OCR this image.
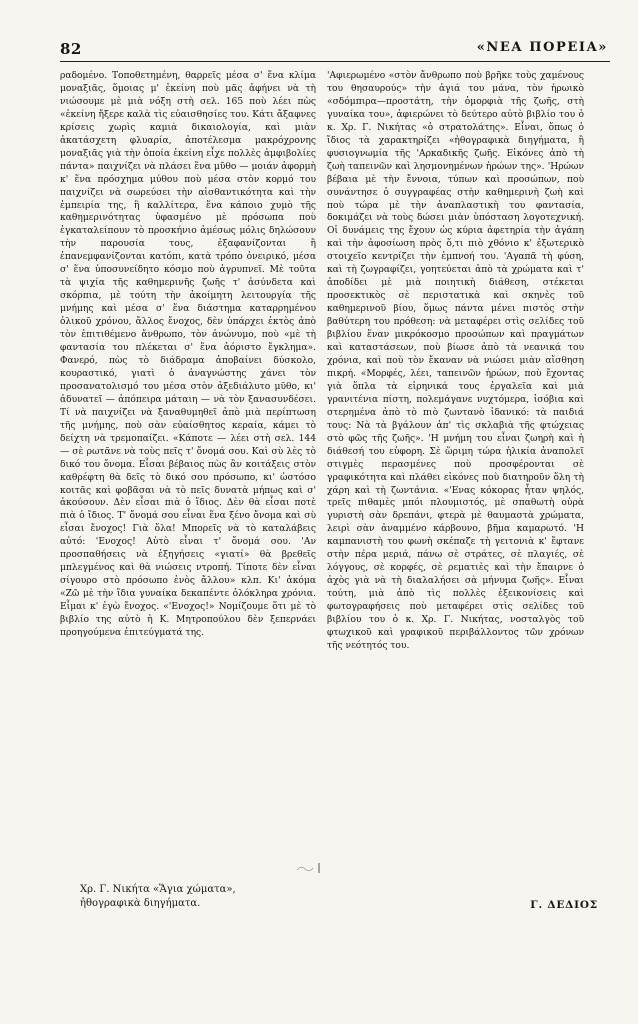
82	«ΝΕΑ ΠΟΡΕΙΑ»

ραδομένο. Τοποθετημένη, θαρρεῖς μέσα σ' ἕνα κλίμα μοναξιᾶς, ὅμοιας μ' ἐκείνη ποὺ μᾶς ἀφήνει νὰ τὴ νιώσουμε μὲ μιὰ νόξη στὴ σελ. 165 ποὺ λέει πὼς «ἐκείνη ἤξερε καλὰ τὶς εὐαισθησίες του. Κάτι ἄξαφνες κρίσεις χωρὶς καμιὰ δικαιολογία, καὶ μιὰν ἀκατάσχετη φλυαρία, ἀποτέλεσμα μακρόχρονης μοναξιᾶς γιὰ τὴν ὁποία ἐκείνη εἶχε πολλὲς ἀμφιβολίες πάντα» παιχνίζει νὰ πλάσει ἕνα μῦθο — μοιάν ἀφορμὴ κ' ἕνα πρόσχημα μύθου ποὺ μέσα στὸν κορμό του παιχνίζει νὰ σωρεύσει τὴν αἰσθαντικότητα καὶ τὴν ἐμπειρία της, ἢ καλλίτερα, ἕνα κάποιο χυμὸ τῆς καθημερινότητας ὑφασμένο μὲ πρόσωπα ποὺ ἐγκαταλείπουν τὸ προσκήνιο ἀμέσως μόλις δηλώσουν τὴν παρουσία τους, ἐξαφανίζονται ἢ ἐπανεμφανίζονται κατόπι, κατὰ τρόπο ὀνειρικό, μέσα σ' ἕνα ὑποσυνείδητο κόσμο ποὺ ἀγρυπνεῖ. Μὲ τοῦτα τὰ ψιχία τῆς καθημερινῆς ζωῆς τ' ἀσύνδετα καὶ σκόρπια, μὲ τούτη τὴν ἀκοίμητη λειτουργία τῆς μνήμης καὶ μέσα σ' ἕνα διάστημα καταρρημένου ὀλικοῦ χρόνου, ἄλλος ἔνοχος, δὲν ὑπάρχει ἐκτὸς ἀπὸ τὸν ἐπιτιθέμενο ἄνθρωπο, τὸν ἀνώνυμο, ποὺ «μὲ τὴ φαντασία του πλέκεται σ' ἕνα ἀόριστο ἔγκλημα». Φανερό, πὼς τὸ διάδραμα ἀποβαίνει δύσκολο, κουραστικό, γιατὶ ὁ ἀναγνώστης χάνει τὸν προσανατολισμό του μέσα στὸν ἀξεδιάλυτο μῦθο, κι' ἀδυνατεῖ — ἀπόπειρα μάταιη — νὰ τὸν ξανασυνδέσει. Τί νὰ παιχνίζει νὰ ξαναθυμηθεῖ ἀπὸ μιὰ περίπτωση τῆς μνήμης, ποὺ σὰν εὐαίσθητος κεραία, κάμει τὸ δείχτη νὰ τρεμοπαίζει. «Κάποτε — λέει στὴ σελ. 144 — σὲ ρωτᾶνε νὰ τοὺς πεῖς τ' ὄνομά σου. Καὶ σὺ λὲς τὸ δικό του ὄνομα. Εἶσαι βέβαιος πὼς ἂν κοιτάξεις στὸν καθρέφτη θὰ δεῖς τὸ δικό σου πρόσωπο, κι' ὡστόσο κοιτᾶς καὶ φοβᾶσαι νὰ τὸ πεῖς δυνατὰ μήπως καὶ σ' ἀκούσουν. Δὲν εἶσαι πιὰ ὁ ἴδιος. Δὲν θὰ εἶσαι ποτὲ πιὰ ὁ ἴδιος. Τ' ὄνομά σου εἶναι ἕνα ξένο ὄνομα καὶ σὺ εἶσαι ἔνοχος! Γιὰ ὅλα! Μπορεῖς νὰ τὸ καταλάβεις αὐτό: 'Ενοχος! Αὐτὸ εἶναι τ' ὄνομά σου. 'Αν προσπαθήσεις νὰ ἐξηγήσεις «γιατί» θὰ βρεθεῖς μπλεγμένος καὶ θὰ νιώσεις ντροπή. Τίποτε δὲν εἶναι σίγουρο στὸ πρόσωπο ἑνὸς ἄλλου» κλπ. Κι' ἀκόμα «Ζῶ μὲ τὴν ἴδια γυναίκα δεκαπέντε ὁλόκληρα χρόνια. Εἶμαι κ' ἐγὼ ἔνοχος. «'Ενοχος!» Νομίζουμε ὅτι μὲ τὸ βιβλίο της αὐτὸ ἡ Κ. Μητροπούλου δὲν ξεπερνάει προηγούμενα ἐπιτεύγματά της.

'Αφιερωμένο «στὸν ἄνθρωπο ποὺ βρῆκε τοὺς χαμένους του θησαυρούς» τὴν ἁγιά του μάνα, τὸν ἡρωικὸ «σδόμπιρα—προστάτη, τὴν ὀμορφιὰ τῆς ζωῆς, στὴ γυναίκα του», ἀφιερώνει τὸ δεύτερο αὐτὸ βιβλίο του ὁ κ. Χρ. Γ. Νικήτας «ὁ στρατολάτης». Εἶναι, ὅπως ὁ ἴδιος τὰ χαρακτηρίζει «ἠθογραφικὰ διηγήματα, ἢ φυσιογνωμία τῆς 'Αρκαδικῆς ζωῆς. Εἰκόνες ἀπὸ τὴ ζωὴ ταπεινῶν καὶ λησμονημένων ἡρώων της». 'Ηρώων βέβαια μὲ τὴν ἔννοια, τύπων καὶ προσώπων, ποὺ συνάντησε ὁ συγγραφέας στὴν καθημερινὴ ζωὴ καὶ ποὺ τώρα μὲ τὴν ἀναπλαστικὴ του φαντασία, δοκιμάζει νὰ τοὺς δώσει μιὰν ὑπόσταση λογοτεχνική. Οἱ δυνάμεις της ἔχουν ὡς κύρια ἀφετηρία τὴν ἀγάπη καὶ τὴν ἀφοσίωση πρὸς ὅ,τι πιὸ χθόνιο κ' ἐξωτερικὸ στοιχεῖο κεντρίζει τὴν ἐμπνοή του. 'Αγαπᾶ τὴ φύση, καὶ τὴ ζωγραφίζει, γοητεύεται ἀπὸ τὰ χρώματα καὶ τ' ἀποδίδει μὲ μιὰ ποιητικὴ διάθεση, στέκεται προσεκτικὸς σὲ περιστατικὰ καὶ σκηνὲς τοῦ καθημερινοῦ βίου, ὅμως πάντα μένει πιστὸς στὴν βαθύτερη του πρόθεση: νὰ μεταφέρει στὶς σελίδες τοῦ βιβλίου ἕναν μικρόκοσμο προσώπων καὶ πραγμάτων καὶ καταστάσεων, ποὺ βίωσε ἀπὸ τὰ νεανικά του χρόνια, καὶ ποὺ τὸν ἔκαναν νὰ νιώσει μιὰν αἴσθηση πικρή. «Μορφές, λέει, ταπεινῶν ἡρώων, ποὺ ἔχοντας γιὰ ὅπλα τὰ εἰρηνικά τους ἐργαλεῖα καὶ μιὰ γρανιτένια πίστη, πολεμάγανε νυχτόμερα, ἰσόβια καὶ στερημένα ἀπὸ τὸ πιὸ ζωντανὸ ἰδανικό: τὰ παιδιά τους: Νὰ τὰ βγάλουν ἀπ' τὶς σκλαβιὰ τῆς φτώχειας στὸ φῶς τῆς ζωῆς». 'Η μνήμη του εἶναι ζωηρὴ καὶ ἡ διάθεσή του εὐφορη. Σὲ ὥριμη τώρα ἡλικία ἀναπολεῖ στιγμὲς περασμένες ποὺ προσφέρονται σὲ γραφικότητα καὶ πλάθει εἰκόνες ποὺ διατηροῦν ὅλη τὴ χάρη καὶ τὴ ζωντάνια. «'Ενας κόκορας ἦταν ψηλός, τρεῖς πιθαμὲς μπόι πλουμιστός, μὲ σπαθωτὴ οὐρὰ γυριστὴ σὰν δρεπάνι, φτερὰ μὲ θαυμαστὰ χρώματα, λειρὶ σὰν ἀναμμένο κάρβουνο, βῆμα καμαρωτό. 'Η καμπανιστὴ του φωνὴ σκέπαζε τὴ γειτονιὰ κ' ἔφτανε στὴν πέρα μεριά, πάνω σὲ στράτες, σὲ πλαγιές, σὲ λόγγους, σὲ κορφές, σὲ ρεματιὲς καὶ τὴν ἔπαιρνε ὁ ἀχὸς γιὰ νὰ τὴ διαλαλήσει σὰ μήνυμα ζωῆς». Εἶναι τούτη, μιὰ ἀπὸ τὶς πολλὲς ἐξεικονίσεις καὶ φωτογραφήσεις ποὺ μεταφέρει στὶς σελίδες τοῦ βιβλίου του ὁ κ. Χρ. Γ. Νικήτας, νοσταλγὸς τοῦ φτωχικοῦ καὶ γραφικοῦ περιβάλλοντος τῶν χρόνων τῆς νεότητός του.

Χρ. Γ. Νικήτα «Ἅγια χώματα»,
ἠθογραφικὰ διηγήματα.	Γ. ΔΕΔΙΟΣ
